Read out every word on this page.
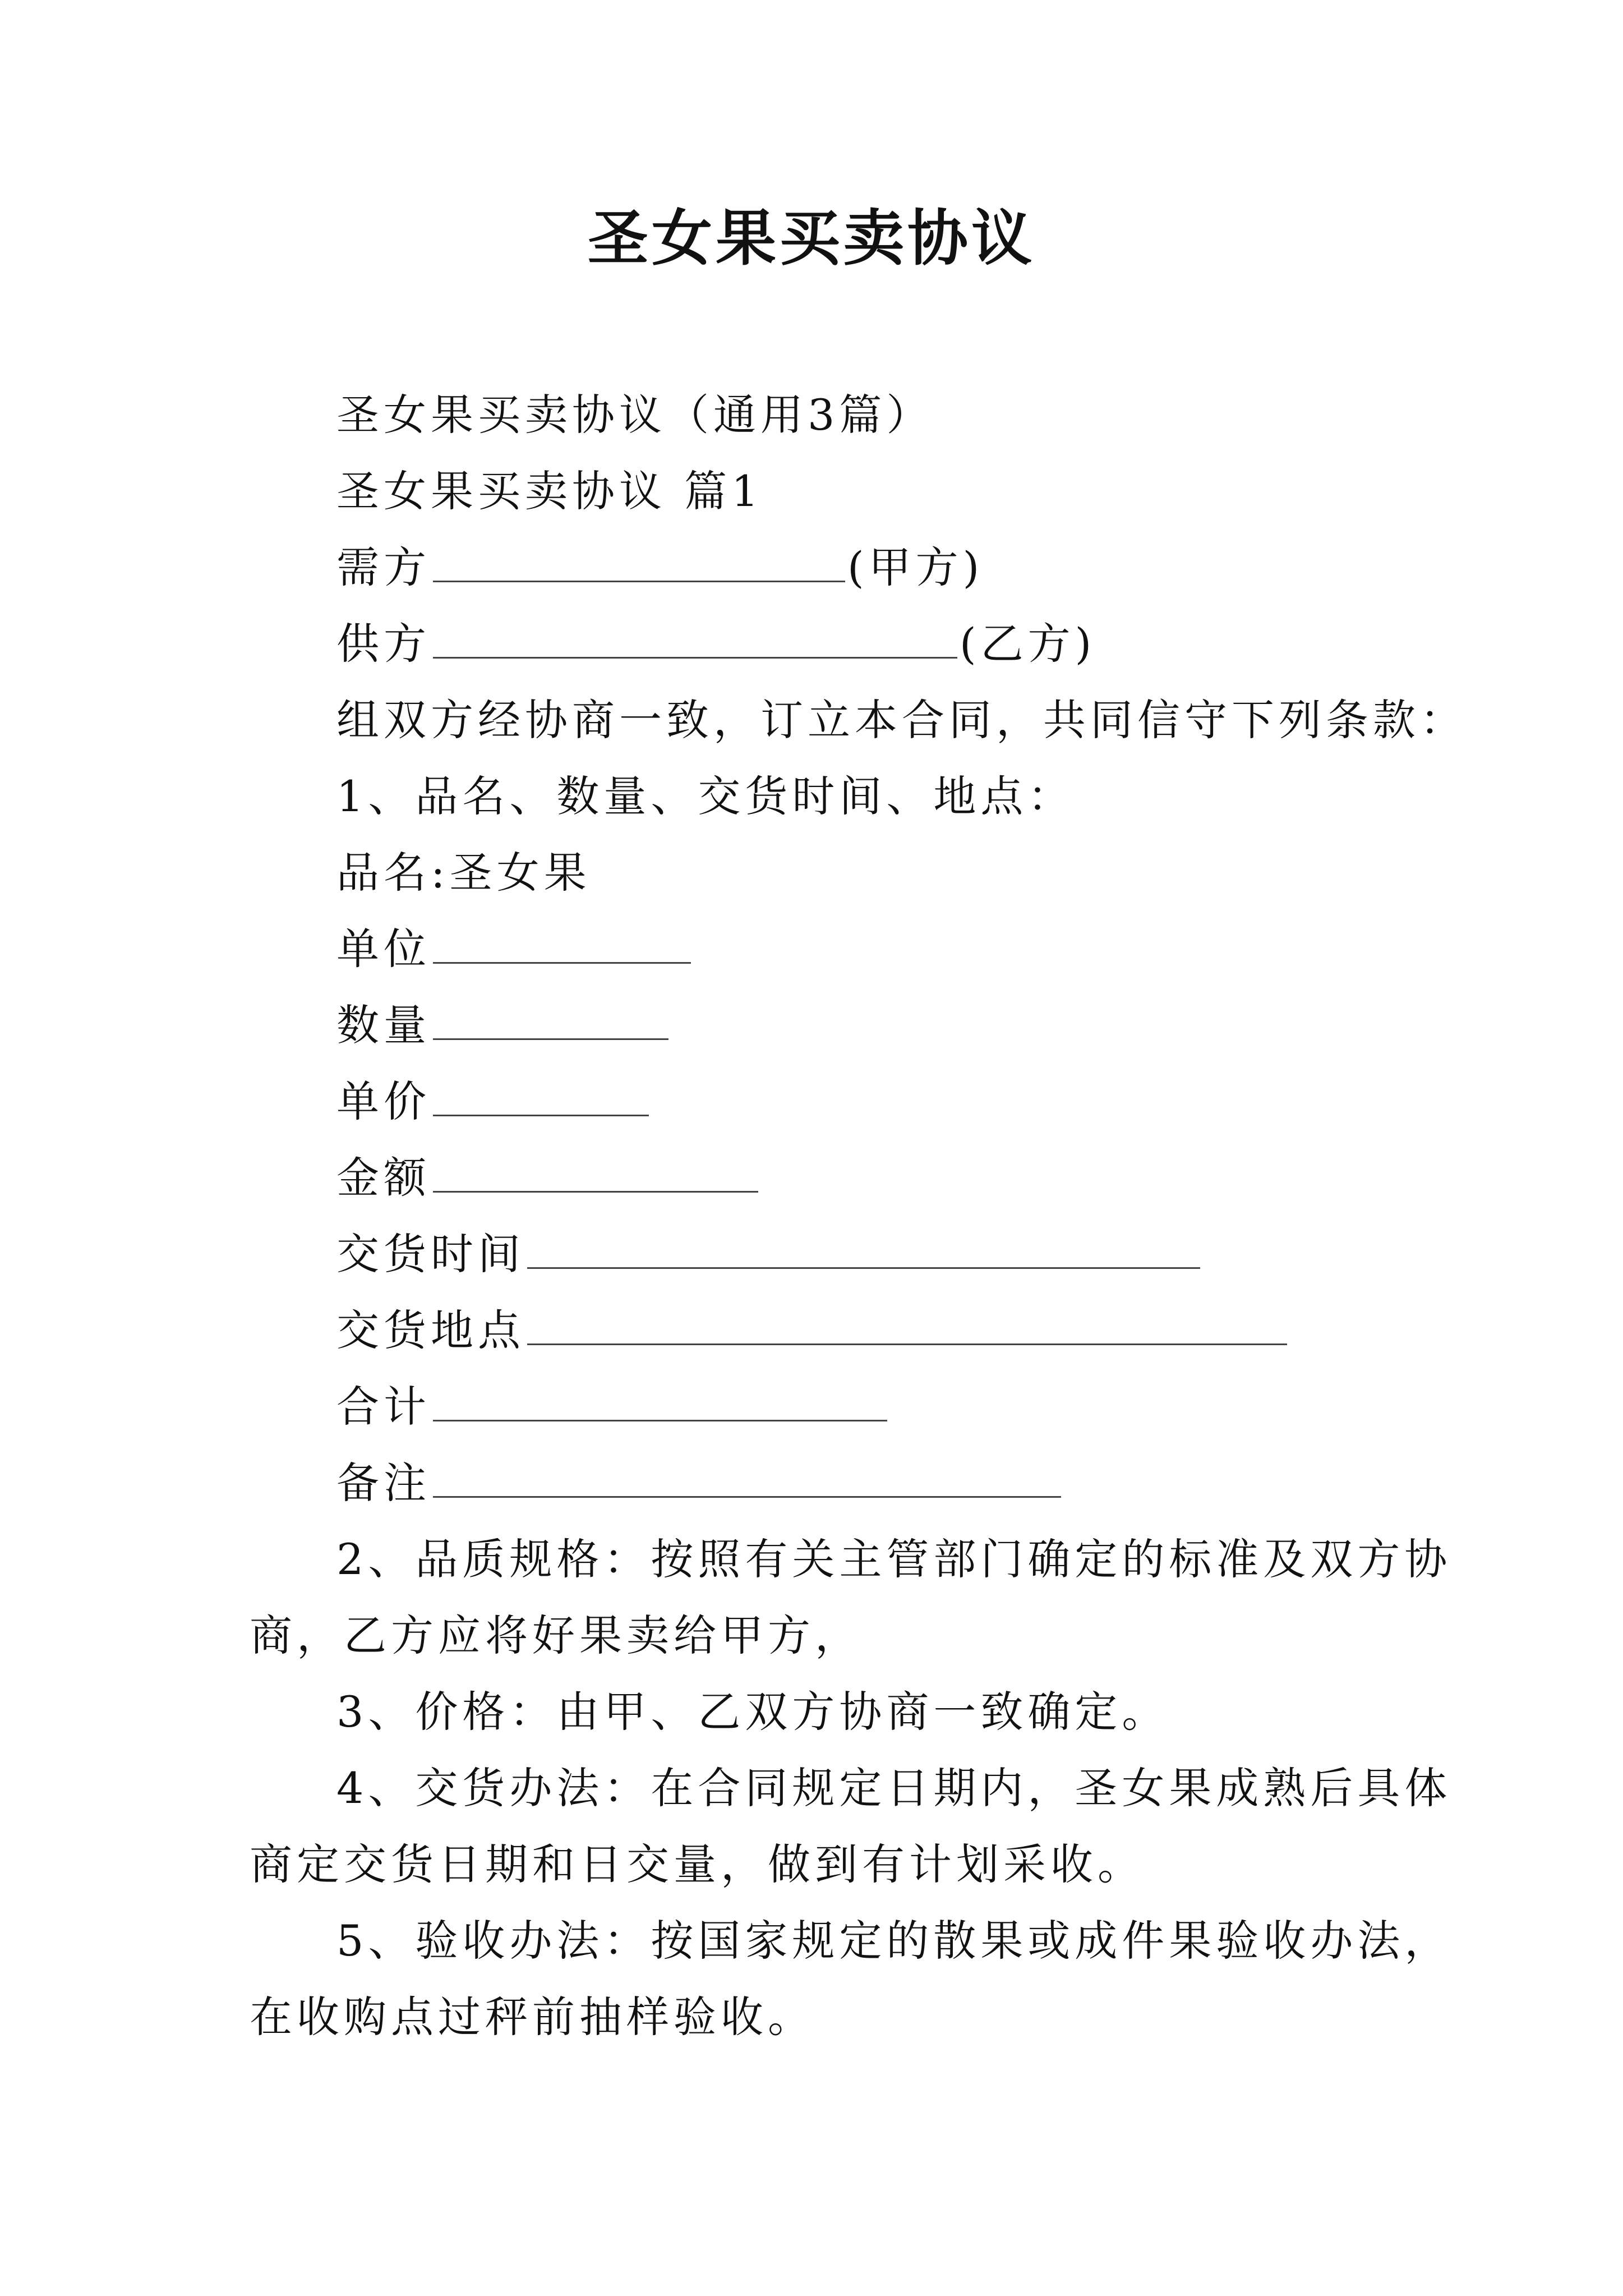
圣女果买卖协议
圣女果买卖协议（通用3篇）
圣女果买卖协议 篇1
需方	(甲方)
供方	(乙方)
组双方经协商一致，订立本合同，共同信守下列条款：
1、品名、数量、交货时间、地点：
品名:圣女果
单位
数量
单价
金额
交货时间
交货地点
合计
备注
2、品质规格：按照有关主管部门确定的标准及双方协
商，乙方应将好果卖给甲方，
3、价格：由甲、乙双方协商一致确定。
4、交货办法：在合同规定日期内，圣女果成熟后具体
商定交货日期和日交量，做到有计划采收。
5、验收办法：按国家规定的散果或成件果验收办法，
在收购点过秤前抽样验收。
